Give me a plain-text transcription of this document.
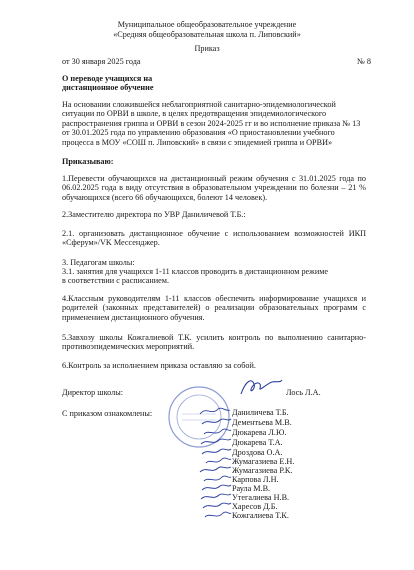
Муниципальное общеобразовательное учреждение
«Средняя общеобразовательная школа п. Липовский»
Приказ
от 30 января 2025 года	№ 8
О переводе учащихся на
дистанционное обучение
На основании сложившейся неблагоприятной санитарно-эпидемиологической ситуации по ОРВИ в школе, в целях предотвращения эпидемиологического распространения гриппа и ОРВИ в сезон 2024-2025 гг и во исполнение приказа № 13 от 30.01.2025 года по управлению образования «О приостановлении учебного процесса в МОУ «СОШ п. Липовский» в связи с эпидемией гриппа и ОРВИ»
Приказываю:
1.Перевести обучающихся на дистанционный режим обучения с 31.01.2025 года по 06.02.2025 года в виду отсутствия в образовательном учреждении по болезни – 21 % обучающихся (всего 66 обучающихся, болеют 14 человек).
2.Заместителю директора по УВР Даниличевой Т.Б.:
2.1. организовать дистанционное обучение с использованием возможностей ИКП «Сферум»/VK Мессенджер.
3. Педагогам школы:
3.1. занятия для учащихся 1-11 классов проводить в дистанционном режиме
в соответствии с расписанием.
4.Классным руководителям 1-11 классов обеспечить информирование учащихся и родителей (законных представителей) о реализации образовательных программ с применением дистанционного обучения.
5.Завхозу школы Кожгалиевой Т.К. усилить контроль по выполнению санитарно-противоэпидемических мероприятий.
6.Контроль за исполнением приказа оставляю за собой.
Директор школы:	Лось Л.А.
С приказом ознакомлены:	Даниличева Т.Б.
Дементьева М.В.
Дюкарева Л.Ю.
Дюкарева Т.А.
Дроздова О.А.
Жумагазиева Е.Н.
Жумагазиева Р.К.
Карпова Л.Н.
Раула М.В.
Утегалиева Н.В.
Харесов Д.Б.
Кожгалиева Т.К.
